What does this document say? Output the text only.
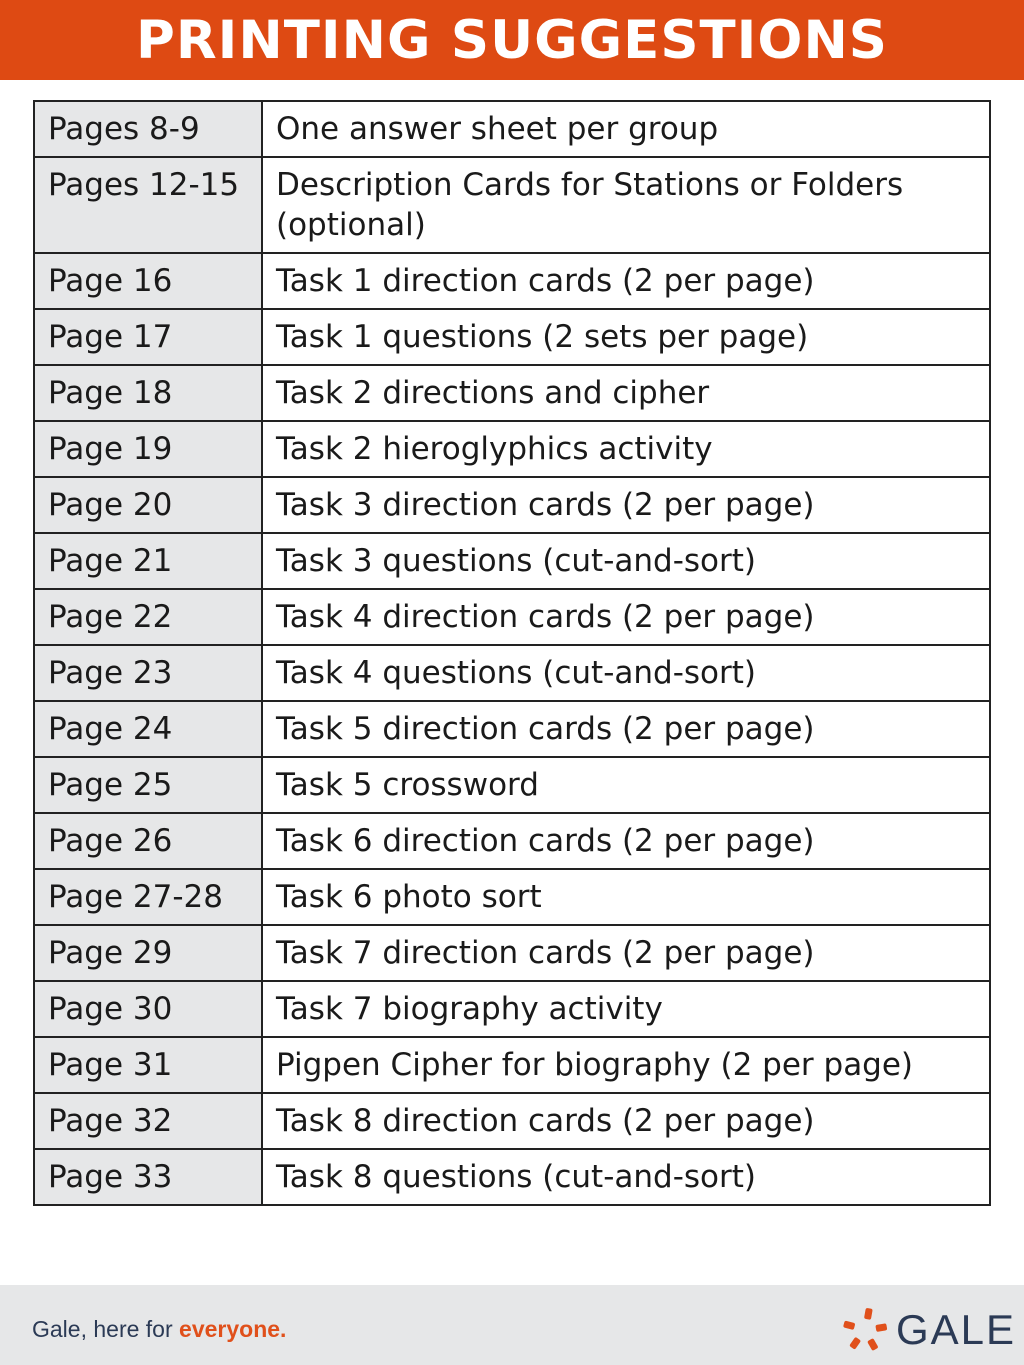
PRINTING SUGGESTIONS
Pages 8-9	One answer sheet per group
Pages 12-15	Description Cards for Stations or Folders (optional)
Page 16	Task 1 direction cards (2 per page)
Page 17	Task 1 questions (2 sets per page)
Page 18	Task 2 directions and cipher
Page 19	Task 2 hieroglyphics activity
Page 20	Task 3 direction cards (2 per page)
Page 21	Task 3 questions (cut-and-sort)
Page 22	Task 4 direction cards (2 per page)
Page 23	Task 4 questions (cut-and-sort)
Page 24	Task 5 direction cards (2 per page)
Page 25	Task 5 crossword
Page 26	Task 6 direction cards (2 per page)
Page 27-28	Task 6 photo sort
Page 29	Task 7 direction cards (2 per page)
Page 30	Task 7 biography activity
Page 31	Pigpen Cipher for biography (2 per page)
Page 32	Task 8 direction cards (2 per page)
Page 33	Task 8 questions (cut-and-sort)
Gale, here for everyone.	GALE
